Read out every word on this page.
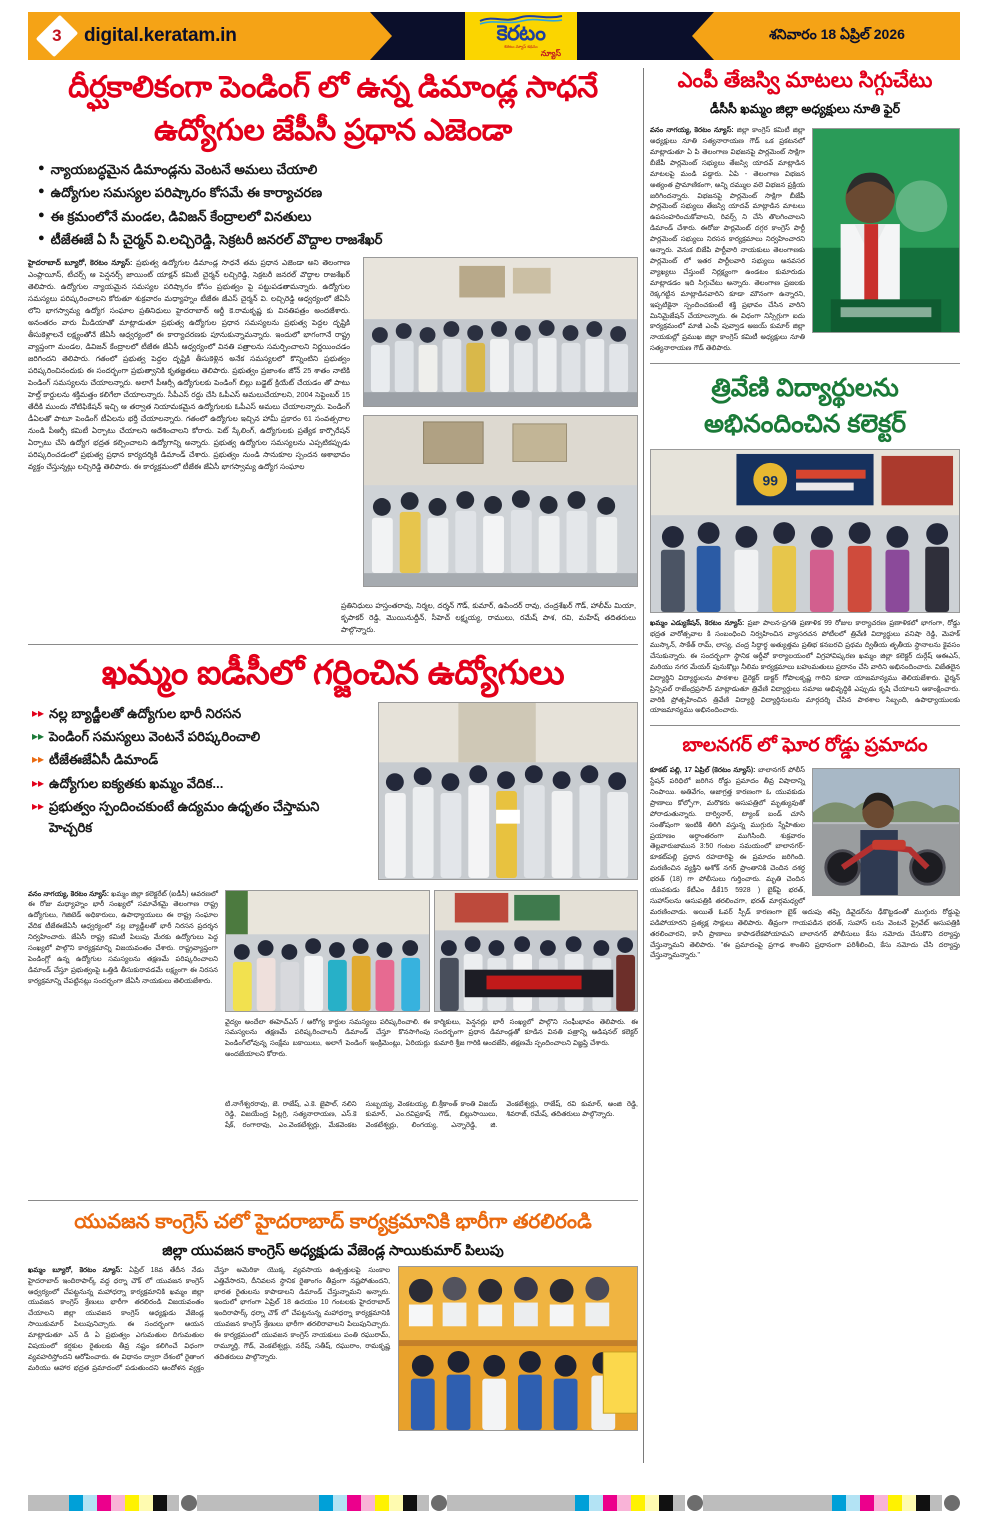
3 digital.keratam.in	కెరటం
కెరటం న్యూస్ కథనం
న్యూస్
శనివారం 18 ఏప్రిల్ 2026
దీర్ఘకాలికంగా పెండింగ్ లో ఉన్న డిమాండ్ల సాధనే
ఉద్యోగుల జేపీసీ ప్రధాన ఎజెండా
● న్యాయబద్ధమైన డిమాండ్లను వెంటనే అమలు చేయాలి
● ఉద్యోగుల సమస్యల పరిష్కారం కోసమే ఈ కార్యాచరణ
● ఈ క్రమంలోనే మండల, డివిజన్ కేంద్రాలలో వినతులు
● టీజేఈజే ఏ సీ చైర్మన్ వి.లచ్చిరెడ్డి, సెక్రటరీ జనరల్ వొద్దాల రాజశేఖర్
హైదరాబాద్ బ్యూరో, కెరటం న్యూస్: ప్రభుత్వ ఉద్యోగుల డిమాండ్ల సాధనే తమ ప్రధాన ఎజెండా అని తెలంగాణ ఎంప్లాయీస్, టీచర్స్ ఆ పెన్షనర్స్ జాయింట్ యాక్షన్ కమిటీ చైర్మన్ లచ్చిరెడ్డి, సెక్రటరీ జనరల్ వొద్దాల రాజశేఖర్ తెలిపారు. ఉద్యోగుల న్యాయమైన సమస్యల పరిష్కారం కోసం ప్రభుత్వం పై పట్టుపడతామన్నారు. ఉద్యోగుల సమస్యలు పరిష్కరించాలని కోరుతూ శుక్రవారం మధ్యాహ్నం టీజేఈ జేఎస్ చైర్మన్ వి. లచ్చిరెడ్డి ఆధ్వర్యంలో జేఏసీ లోని భాగస్వామ్య ఉద్యోగ సంఘాల ప్రతినిధులు హైదరాబాద్ ఆర్డీ కె.రామకృష్ణ కు వినతిపత్రం అందజేశారు. అనంతరం వారు మీడియాతో మాట్లాడుతూ ప్రభుత్వ ఉద్యోగుల ప్రధాన సమస్యలను ప్రభుత్వ పెద్దల దృష్టికి తీసుకెళ్లాలనే లక్ష్యంతోనే జేఏసీ ఆధ్వర్యంలో ఈ కార్యాచరణకు పూనుకున్నామన్నారు. ఇందులో భాగంగానే రాష్ట్ర వ్యాప్తంగా మండల, డివిజన్ కేంద్రాలలో టీజేఈ జేఏసీ ఆధ్వర్యంలో వినతి పత్రాలను సమర్పించాలని నిర్ణయించడం జరిగిందని తెలిపారు. గతంలో ప్రభుత్వ పెద్దల దృష్టికి తీసుకెళ్లిన అనేక సమస్యలలో కొన్నింటిని ప్రభుత్వం పరిష్కరించినందుకు ఈ సందర్భంగా ప్రభుత్వానికి కృతజ్ఞతలు తెలిపారు. ప్రభుత్వం ప్రజాంశం జోన్ 25 శాతం నాటికి పెండింగ్ సమస్యలను చేయాలన్నారు. అలాగే పీఆర్సీ ఉద్యోగులకు పెండింగ్ బిల్లు బడ్జెట్ క్రియేట్ చేయడం తో పాటు హెల్త్ కార్డులను శక్తిమత్తం కలిగేలా చేయాలన్నారు. సీపీఎస్ రద్దు చేసి ఓపీఎస్ అమలుచేయాలని, 2004 సెప్టెంబర్ 15 తేదీకి ముందు నోటిఫికేషన్ ఇచ్చి ఆ తర్వాత నియామకమైన ఉద్యోగులకు ఓపీఎస్ అమలు చేయాలన్నారు. పెండింగ్ డీఏలతో పాటూ పెండింగ్ టీఏలను భర్తీ చేయాలన్నారు. గతంలో ఉద్యోగుల ఇచ్చిన హామీ ప్రకారం 61 సంవత్సరాల నుండి పీఆర్సీ కమిటీ ఏర్పాటు చేయాలని ఆదేశించాలని కోరారు. పెట్ స్కేలింగ్, ఉద్యోగులకు ప్రత్యేక కార్పొరేషన్ ఏర్పాటు చేసి ఉద్యోగ భద్రత కల్పించాలని ఉద్యోగాన్ని అన్నారు. ప్రభుత్వ ఉద్యోగుల సమస్యలను ఎప్పటికప్పుడు పరిష్కరించడంలో ప్రభుత్వ ప్రధాన కార్యదర్శికి డిమాండ్ చేశారు. ప్రభుత్వం నుండి సానుకూల స్పందన ఆశాభావం వ్యక్తం చేస్తున్నట్లు లచ్చిరెడ్డి తెలిపారు. ఈ కార్యక్రమంలో టీజేఈ జేఏసీ భాగస్వామ్య ఉద్యోగ సంఘాల
ప్రతినిధులు హస్తంతరావు, నిర్మల, దర్శన్ గౌడ్, కుమార్, ఉపేందర్ రావు, చంద్రశేఖర్ గౌడ్, హాలీమ్ మియా, కృపాకర్ రెడ్డి, మొయినుద్దీన్, సీహెచ్ లక్ష్మయ్య, రాములు, రమేష్ పాశ, రవి, మహేష్ తదితరులు పాల్గొన్నారు.
ఖమ్మం ఐడీసీలో గర్జించిన ఉద్యోగులు
▸▸ నల్ల బ్యాడ్జీలతో ఉద్యోగుల భారీ నిరసన
▸▸ పెండింగ్ సమస్యలు వెంటనే పరిష్కరించాలి
▸▸ టీజేఈజేఏసీ డిమాండ్
▸▸ ఉద్యోగుల ఐక్యతకు ఖమ్మం వేదిక...
▸▸ ప్రభుత్వం స్పందించకుంటే ఉద్యమం ఉధృతం చేస్తామని హెచ్చరిక
వనం నాగయ్య, కెరటం న్యూస్: ఖమ్మం జిల్లా కలెక్టరేట్ (ఐడీసీ) ఆవరణలో ఈ రోజు మధ్యాహ్నం భారీ సంఖ్యలో సమావేశమై తెలంగాణ రాష్ట్ర ఉద్యోగులు, గెజిటెడ్ అధికారులు, ఉపాధ్యాయులు ఈ రాష్ట్ర సంఘాల వేదిక టీజేఈజేఏసీ ఆధ్వర్యంలో నల్ల బ్యాడ్జీలతో భారీ నిరసన ప్రదర్శన నిర్వహించారు. జేఏసీ రాష్ట్ర కమిటీ పిలుపు మేరకు ఉద్యోగులు పెద్ద సంఖ్యలో పాల్గొని కార్యక్రమాన్ని విజయవంతం చేశారు. రాష్ట్రవ్యాప్తంగా పెండింగ్లో ఉన్న ఉద్యోగుల సమస్యలను తక్షణమే పరిష్కరించాలని డిమాండ్ చేస్తూ ప్రభుత్వంపై ఒత్తిడి తీసుకురావడమే లక్ష్యంగా ఈ నిరసన కార్యక్రమాన్ని చేపట్టినట్లు సందర్భంగా జేఏసీ నాయకులు తెలియజేశారు.
వైద్యం అందేలా ఈహెచ్ఎస్ / ఆరోగ్య కార్డుల సమస్యలు పరిష్కరించాలి. ఈ సమస్యలను తక్షణమే పరిష్కరించాలనీ డిమాండ్ చేస్తూ కొనసాగింపు పెండింగ్‌లోవున్న సంక్షేమ బకాయిలు, అలాగే పెండింగ్ ఇంక్రిమెంట్లు, ఏరియర్లు అందజేయాలని కోరారు.
కార్మికులు, పెన్షనర్లు భారీ సంఖ్యలో పాల్గొని సంఘీభావం తెలిపారు. ఈ సందర్భంగా ప్రధాన డిమాండ్లతో కూడిన వినతి పత్రాన్ని అడిషనల్ కలెక్టర్ కుమారి శ్రీజ గారికి అందజేసి, తక్షణమే స్పందించాలని విజ్ఞప్తి చేశారు.
టి.నాగేశ్వరరావు, జె. రాజేష్, ఎ.కె. జైపాల్, నలిని రెడ్డి, విజయేంద్ర పిల్లగ్రి, సత్యనారాయణ, ఎస్.కె షేక్, రంగారావు, ఎం.వెంకటేశ్వర్లు, మేకవెంకట సుబ్బయ్య, వెంకటయ్య, బి.శ్రీకాంత్ కాంతి విజయ్ కుమార్, ఎం.రవిప్రకాష్ గౌడ్, బిల్లుసాయిలు, వెంకటేశ్వర్లు, లింగయ్య, ఎన్నారెడ్డి, జి. వెంకటేశ్వర్లు, రాజేష్, రవి కుమార్, అంజి రెడ్డి, శివరాజ్, రమేష్, తదితరులు పాల్గొన్నారు.
యువజన కాంగ్రెస్ చలో హైదరాబాద్ కార్యక్రమానికి భారీగా తరలిరండి
జిల్లా యువజన కాంగ్రెస్ అధ్యక్షుడు వేజెండ్ల సాయికుమార్ పిలుపు
ఖమ్మం బ్యూరో, కెరటం న్యూస్: ఏప్రిల్ 18వ తేదీన నేడు హైదరాబాద్ ఇందిరాపార్క్ వద్ద ధర్నా చౌక్ లో యువజన కాంగ్రెస్ ఆధ్వర్యంలో చేపట్టనున్న మహాధర్నా కార్యక్రమానికి ఖమ్మం జిల్లా యువజన కాంగ్రెస్ శ్రేణులు భారీగా తరలిరండి విజయవంతం చేయాలని జిల్లా యువజన కాంగ్రెస్ అధ్యక్షుడు వేజెండ్ల సాయికుమార్ పిలుపునిచ్చారు. ఈ సందర్భంగా ఆయన మాట్లాడుతూ ఎన్ డి ఏ ప్రభుత్వం ఎగుమతుల దిగుమతుల విషయంలో కర్షకుల రైతులకు తీవ్ర నష్టం కలిగించే విధంగా వ్యవహరిస్తోందని ఆరోపించారు. ఈ విధానం ద్వారా దేశంలో రైతాంగ మరియు ఆహార భద్రత ప్రమాదంలో పడుతుందని ఆందోళన వ్యక్తం చేస్తూ అమెరికా యొక్క వ్యవసాయ ఉత్పత్తులపై సుంకాల ఎత్తివేసారని, దీనివలన స్థానిక రైతాంగం తీవ్రంగా నష్టపోతుందని, భారత రైతులను కాపాడాలని డిమాండ్ చేస్తున్నామని అన్నారు. ఇందులో భాగంగా ఏప్రిల్ 18 ఉదయం 10 గంటలకు హైదరాబాద్ ఇందిరాపార్క్ ధర్నా చౌక్ లో చేపట్టనున్న మహాధర్నా కార్యక్రమానికి యువజన కాంగ్రెస్ శ్రేణులు భారీగా తరలిరావాలని పిలుపునిచ్చారు. ఈ కార్యక్రమంలో యువజన కాంగ్రెస్ నాయకులు పంతి రఘురామ్, రామ్మూర్తి, గౌడ్, వెంకటేశ్వర్లు, నరేష్, సతీష్, రఘురాం, రామకృష్ణ తదితరులు పాల్గొన్నారు.
ఎంపీ తేజస్వి మాటలు సిగ్గుచేటు
డీసీసీ ఖమ్మం జిల్లా అధ్యక్షులు నూతి ఫైర్
వనం నాగయ్య, కెరటం న్యూస్: జిల్లా కాంగ్రెస్ కమిటీ జిల్లా అధ్యక్షులు నూతి సత్యనారాయణ గౌడ్ ఒక ప్రకటనలో మాట్లాడుతూ ఏ పి తెలంగాణ విభజనపై పార్లమెంట్ సాక్షిగా బీజేపీ పార్లమెంట్ సభ్యులు తేజస్వి యాదవ్ మాట్లాడిన మాటలపై మండి పడ్డారు. ఏపి - తెలంగాణ విభజన అత్యంత ప్రామాణికంగా, అన్ని దమ్ముల వలె విభజన ప్రక్రియ జరిగిందన్నారు. విభజనపై పార్లమెంట్ సాక్షిగా బీజేపీ పార్లమెంట్ సభ్యులు తేజస్వి యాదవ్ మాట్లాడిన మాటలు ఉపసంహరించుకోవాలని, రివర్స్ ని చేసి తొలగించాలని డిమాండ్ చేశారు. ఈరోజు పార్లమెంట్ దగ్గర కాంగ్రెస్ పార్టీ పార్లమెంట్ సభ్యులు నిరసన కార్యక్రమాలు నిర్వహించారని అన్నారు. వెనుక బిజేపి పార్టీవారి నాయకులు తెలంగాణకు పార్లమెంట్ లో ఇతర పార్టీలవారి సభ్యులు అనవసర వ్యాఖ్యలు చేస్తుంటే నిర్లక్ష్యంగా ఉండటం కుమారుడు మాట్లాడడం ఇది సిగ్గుచేటు అన్నారు. తెలంగాణ ప్రజలకు రెక్కగట్టిన మాట్లాడినవారిని కూడా మౌనంగా ఉన్నారని, ఇప్పటికైనా స్పందించకుంటే శక్తి ప్రభావం చేసిన వారిని మినిమైజేషన్ చేయాలన్నారు. ఈ విధంగా నిస్సిగ్గుగా ఐదు కార్యక్రమంలో మాజీ ఎంపీ పువ్వాడ అజయ్ కుమార్ జిల్లా నాయకుల్లో ప్రముఖ జిల్లా కాంగ్రెస్ కమిటీ అధ్యక్షులు నూతి సత్యనారాయణ గౌడ్ తెలిపారు.
త్రివేణి విద్యార్థులను
అభినందించిన కలెక్టర్
99
ఖమ్మం ఎడ్యుకేషన్, కెరటం న్యూస్: ప్రజా పాలన-ప్రగతి ప్రణాళిక 99 రోజుల కార్యాచరణ ప్రణాళికలో భాగంగా, రోడ్డు భద్రత వారోత్సవాల కి సంబంధించి నిర్వహించిన వ్యాసరచన పోటీలలో త్రివేణి విద్యార్థులు వనిషా రెడ్డి, మెహక్ ముస్కాన్, సాకేత్ రామ్, లాస్య, చంద్ర సిద్ధార్థ అత్యుత్తమ ప్రతిభ కనబరచి ప్రథమ ద్వితీయ తృతీయ స్థానాలను కైవసం చేసుకున్నారు. ఈ సందర్భంగా స్థానిక ఆర్డీవో కార్యాలయంలో విగ్రహావిష్కరణ ఖమ్మం జిల్లా కలెక్టర్ దుర్గేష్ ఆఈఎస్, మరియు నగర మేయర్ పునుకొల్లు నీలిమ కార్యక్రమాలు బహుమతులు ప్రదానం చేసి వారిని అభినందించారు. విజేతలైన విద్యార్థిని విద్యార్థులను పాఠశాల డైరెక్టర్ డాక్టర్ గోపాలకృష్ణ గారిని కూడా యాజమాన్యము తెలియజేశారు. ఛైర్మన్ ప్రిన్సిపల్ రాజేంద్రప్రసాద్ మాట్లాడుతూ త్రివేణి విద్యార్థులు సమాజ అభివృద్ధికి ఎప్పుడు కృషి చేయాలని ఆకాంక్షించారు. వారికి ప్రోత్సహించిన త్రివేణి విద్యార్థి విద్యార్థినులను మార్గదర్శి చేసిన పాఠశాల సిబ్బంది, ఉపాధ్యాయులకు యాజమాన్యము అభినందించారు.
బాలనగర్ లో ఘోర రోడ్డు ప్రమాదం
కూకట్ పల్లి, 17 ఏప్రిల్ (కెరటం న్యూస్): బాలానగర్ పోలీస్ స్టేషన్ పరిధిలో జరిగిన రోడ్డు ప్రమాదం తీవ్ర విషాదాన్ని నింపాయి. అతివేగం, అజాగ్రత్త కారణంగా ఓ యువకుడు ప్రాణాలు కోల్పోగా, మరొకరు ఆసుపత్రిలో మృత్యువుతో పోరాడుతున్నారు. దార్వినార్, ట్యాంక్ బండ్ చూసి సంతోషంగా ఇంటికి తిరిగి వస్తున్న ముగ్గురు స్నేహితుల ప్రయాణం అర్ధాంతరంగా ముగిసింది. శుక్రవారం తెల్లవారుజామున 3:50 గంటల సమయంలో బాలానగర్-కూకట్‌పల్లి ప్రధాన రహదారిపై ఈ ప్రమాదం జరిగింది. మరణించిన వ్యక్తిని అశోక్ నగర్ ప్రాంతానికి చెందిన దశర్థ భరత్ (18) గా పోలీసులు గుర్తించారు. మృతి చెందిన యువకుడు కేటీఎం డీకే15 5928 ) బైక్‌పై భరత్, సుహాస్‌లను ఆసుపత్రికి తరలించగా, భరత్ మార్గమధ్యలో మరణించాడు. అయితే ఓవర్ స్పీడ్ కారణంగా బైక్ అదుపు తప్పి డివైడర్‌ను ఢీకొట్టడంతో ముగ్గురు రోడ్డుపై పడిపోయారని ప్రత్యక్ష సాక్షులు తెలిపారు. తీవ్రంగా గాయపడిన భరత్, సుహాస్ లను వెంటనే ప్రైవేట్ ఆసుపత్రికి తరలించారని, కానీ ప్రాణాలు కాపాడలేకపోయామని బాలానగర్ పోలీసులు కేసు నమోదు చేసుకొని దర్యాప్తు చేస్తున్నామని తెలిపారు. "ఈ ప్రమాదంపై ప్రగాఢ శాంతిని ప్రధానంగా పరిశీలించి, కేసు నమోదు చేసి దర్యాప్తు చేస్తున్నామన్నారు."
